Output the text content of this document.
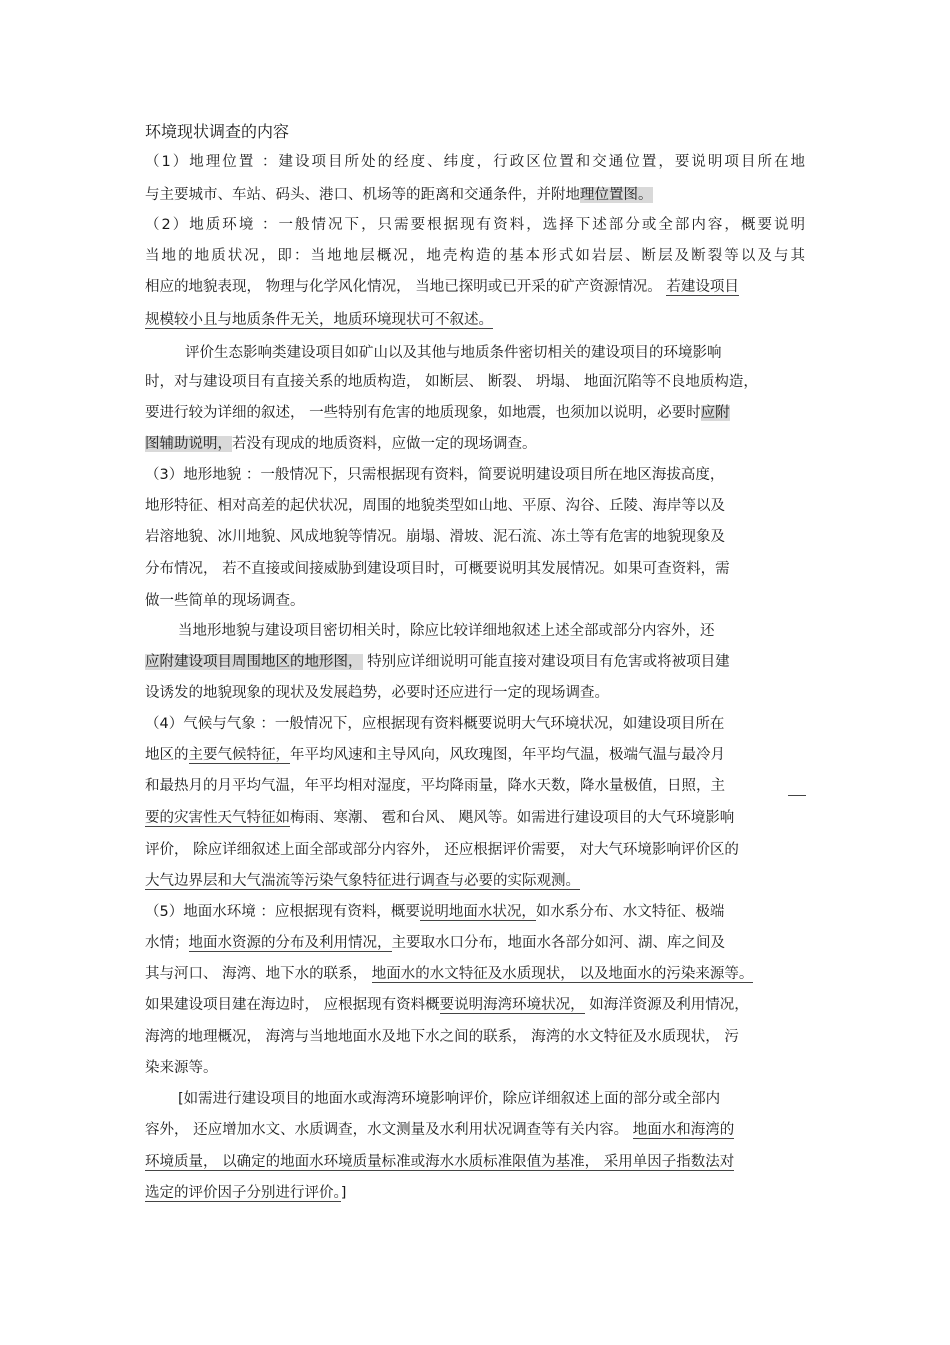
环境现状调查的内容
（1）地理位置 ：建设项目所处的经度、纬度，行政区位置和交通位置，要说明项目所在地
与主要城市、车站、码头、港口、机场等的距离和交通条件，并附地理位置图。
（2）地质环境 ：一般情况下，只需要根据现有资料，选择下述部分或全部内容，概要说明
当地的地质状况，即：当地地层概况，地壳构造的基本形式如岩层、断层及断裂等以及与其
相应的地貌表现， 物理与化学风化情况， 当地已探明或已开采的矿产资源情况。 若建设项目
规模较小且与地质条件无关，地质环境现状可不叙述。
评价生态影响类建设项目如矿山以及其他与地质条件密切相关的建设项目的环境影响
时，对与建设项目有直接关系的地质构造， 如断层、 断裂、 坍塌、 地面沉陷等不良地质构造，
要进行较为详细的叙述， 一些特别有危害的地质现象，如地震，也须加以说明，必要时应附
图辅助说明，若没有现成的地质资料，应做一定的现场调查。
（3）地形地貌 ：一般情况下，只需根据现有资料，简要说明建设项目所在地区海拔高度，
地形特征、相对高差的起伏状况，周围的地貌类型如山地、平原、沟谷、丘陵、海岸等以及
岩溶地貌、冰川地貌、风成地貌等情况。崩塌、滑坡、泥石流、冻土等有危害的地貌现象及
分布情况， 若不直接或间接威胁到建设项目时，可概要说明其发展情况。如果可查资料，需
做一些简单的现场调查。
当地形地貌与建设项目密切相关时，除应比较详细地叙述上述全部或部分内容外，还
应附建设项目周围地区的地形图， 特别应详细说明可能直接对建设项目有危害或将被项目建
设诱发的地貌现象的现状及发展趋势，必要时还应进行一定的现场调查。
（4）气候与气象 ：一般情况下，应根据现有资料概要说明大气环境状况，如建设项目所在
地区的主要气候特征，年平均风速和主导风向，风玫瑰图，年平均气温，极端气温与最冷月
和最热月的月平均气温，年平均相对湿度，平均降雨量，降水天数，降水量极值，日照，主
要的灾害性天气特征如梅雨、寒潮、 雹和台风、 飓风等。如需进行建设项目的大气环境影响
评价， 除应详细叙述上面全部或部分内容外， 还应根据评价需要， 对大气环境影响评价区的
大气边界层和大气湍流等污染气象特征进行调查与必要的实际观测。
（5）地面水环境 ：应根据现有资料，概要说明地面水状况，如水系分布、水文特征、极端
水情；地面水资源的分布及利用情况，主要取水口分布，地面水各部分如河、湖、库之间及
其与河口、 海湾、地下水的联系， 地面水的水文特征及水质现状， 以及地面水的污染来源等。
如果建设项目建在海边时， 应根据现有资料概要说明海湾环境状况， 如海洋资源及利用情况，
海湾的地理概况， 海湾与当地地面水及地下水之间的联系， 海湾的水文特征及水质现状， 污
染来源等。
[如需进行建设项目的地面水或海湾环境影响评价，除应详细叙述上面的部分或全部内
容外， 还应增加水文、水质调查，水文测量及水利用状况调查等有关内容。 地面水和海湾的
环境质量， 以确定的地面水环境质量标准或海水水质标准限值为基准， 采用单因子指数法对
选定的评价因子分别进行评价。]
